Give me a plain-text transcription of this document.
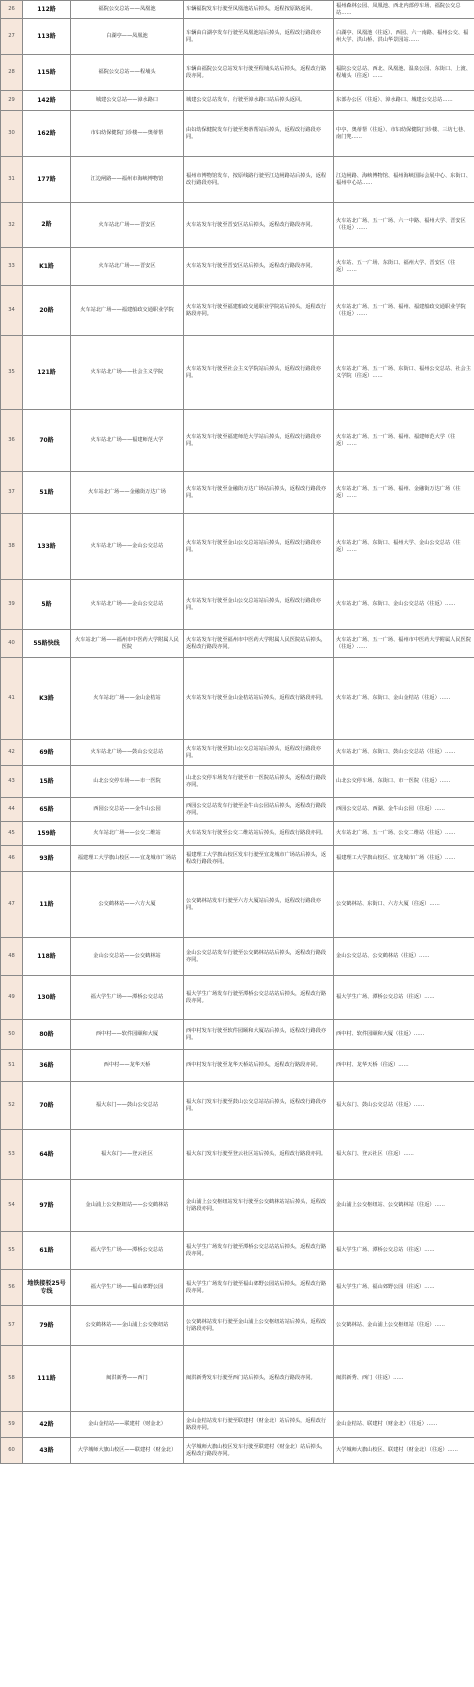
26	112路	福院公交总站——凤凰池	车辆福院发车行驶至凤凰池站后掉头，返程按原路返回。	福州森林公园、凤凰池、西北内部停车场、福院公交总站……
27	113路	白湖亭——凤凰池	车辆由白湖亭发车行驶至凤凰池站后掉头，返程改行路段亦同。	白湖亭、凤凰池（往返）、西园、六一南路、福州公交、福州大学、洪山桥、洪山华景园站……
28	115路	福院公交总站——程埔头	车辆由福院公交总站发车行驶至程埔头站后掉头，返程改行路段亦同。	福院公交总站、西北、凤凰池、温泉公园、东街口、上渡、程埔头（往返）……
29	142路	城建公交总站——漳水路口	城建公交总站发车，行驶至漳水路口站后掉头返回。	东部办公区（往返）、漳水路口、城建公交总站……
30	162路	市妇幼保健院门诊楼——奥蒂帮	由妇幼保健院发车行驶至奥蒂帮站后掉头，返程改行路段亦同。	中亭、奥蒂帮（往返）、市妇幼保健院门诊楼、三坊七巷、南门兜……
31	177路	江边闸路——福州市海峡博物馆	福州市博物馆发车，按原线路行驶至江边闸路站后掉头，返程改行路段亦同。	江边闸路、海峡博物馆、福州海峡国际会展中心、东街口、福州中心站……
32	2路	火车站北广场——晋安区	火车站发车行驶至晋安区站后掉头，返程改行路段亦同。	火车站北广场、五一广场、六一中路、福州大学、晋安区（往返）……
33	K1路	火车站北广场——晋安区	火车站发车行驶至晋安区站后掉头，返程改行路段亦同。	火车站、五一广场、东街口、福州大学、晋安区（往返）……
34	20路	火车站北广场——福建船政交通职业学院	火车站发车行驶至福建船政交通职业学院站后掉头，返程改行路段亦同。	火车站北广场、五一广场、福州、福建船政交通职业学院（往返）……
35	121路	火车站北广场——社会主义学院	火车站发车行驶至社会主义学院站后掉头，返程改行路段亦同。	火车站北广场、五一广场、东街口、福州公交总站、社会主义学院（往返）……
36	70路	火车站北广场——福建师范大学	火车站发车行驶至福建师范大学站后掉头，返程改行路段亦同。	火车站北广场、五一广场、福州、福建师范大学（往返）……
37	51路	火车站北广场——金融街万达广场	火车站发车行驶至金融街万达广场站后掉头，返程改行路段亦同。	火车站北广场、五一广场、福州、金融街万达广场（往返）……
38	133路	火车站北广场——金山公交总站	火车站发车行驶至金山公交总站站后掉头，返程改行路段亦同。	火车站北广场、东街口、福州大学、金山公交总站（往返）……
39	5路	火车站北广场——金山公交总站	火车站发车行驶至金山公交总站站后掉头，返程改行路段亦同。	火车站北广场、东街口、金山公交总站（往返）……
40	55路快线	火车站北广场——福州市中医药大学附属人民医院	火车站发车行驶至福州市中医药大学附属人民医院站后掉头，返程改行路段亦同。	火车站北广场、五一广场、福州市中医药大学附属人民医院（往返）……
41	K3路	火车站北广场——金山金桔站	火车站发车行驶至金山金桔站站后掉头，返程改行路段亦同。	火车站北广场、东街口、金山金桔站（往返）……
42	69路	火车站北广场——鼓山公交总站	火车站发车行驶至鼓山公交总站站后掉头，返程改行路段亦同。	火车站北广场、东街口、鼓山公交总站（往返）……
43	15路	山北公交停车场——市一医院	山北公交停车场发车行驶至市一医院站后掉头，返程改行路段亦同。	山北公交停车场、东街口、市一医院（往返）……
44	65路	西园公交总站——金牛山公园	西园公交总站发车行驶至金牛山公园站后掉头，返程改行路段亦同。	西园公交总站、西湖、金牛山公园（往返）……
45	159路	火车站北广场——公交二维站	火车站发车行驶至公交二维站站后掉头，返程改行路段亦同。	火车站北广场、五一广场、公交二维站（往返）……
46	93路	福建理工大学旗山校区——宜龙城市广场站	福建理工大学旗山校区发车行驶至宜龙城市广场站后掉头，返程改行路段亦同。	福建理工大学旗山校区、宜龙城市广场（往返）……
47	11路	公交鹤林站——六方大厦	公交鹤林站发车行驶至六方大厦站后掉头，返程改行路段亦同。	公交鹤林站、东街口、六方大厦（往返）……
48	118路	金山公交总站——公交鹤林站	金山公交总站发车行驶至公交鹤林站站后掉头，返程改行路段亦同。	金山公交总站、公交鹤林站（往返）……
49	130路	福大学生广场——潭桥公交总站	福大学生广场发车行驶至潭桥公交总站站后掉头，返程改行路段亦同。	福大学生广场、潭桥公交总站（往返）……
50	80路	西中村——软件园颐和大厦	西中村发车行驶至软件园颐和大厦站后掉头，返程改行路段亦同。	西中村、软件园颐和大厦（往返）……
51	36路	西中村——龙华天桥	西中村发车行驶至龙华天桥站后掉头，返程改行路段亦同。	西中村、龙华天桥（往返）……
52	70路	福大东门——鼓山公交总站	福大东门发车行驶至鼓山公交总站站后掉头，返程改行路段亦同。	福大东门、鼓山公交总站（往返）……
53	64路	福大东门——登云社区	福大东门发车行驶至登云社区站后掉头，返程改行路段亦同。	福大东门、登云社区（往返）……
54	97路	金山浦上公交枢纽站——公交鹤林站	金山浦上公交枢纽站发车行驶至公交鹤林站站后掉头，返程改行路段亦同。	金山浦上公交枢纽站、公交鹤林站（往返）……
55	61路	福大学生广场——潭桥公交总站	福大学生广场发车行驶至潭桥公交总站站后掉头，返程改行路段亦同。	福大学生广场、潭桥公交总站（往返）……
56	地铁接驳25号专线	福大学生广场——福山郊野公园	福大学生广场发车行驶至福山郊野公园站后掉头，返程改行路段亦同。	福大学生广场、福山郊野公园（往返）……
57	79路	公交鹤林站——金山浦上公交枢纽站	公交鹤林站发车行驶至金山浦上公交枢纽站站后掉头，返程改行路段亦同。	公交鹤林站、金山浦上公交枢纽站（往返）……
58	111路	闽洪新秀——西门	闽洪新秀发车行驶至西门站后掉头，返程改行路段亦同。	闽洪新秀、西门（往返）……
59	42路	金山金桔站——联建村（财金北）	金山金桔站发车行驶至联建村（财金北）站后掉头，返程改行路段亦同。	金山金桔站、联建村（财金北）（往返）……
60	43路	大学城师大旗山校区——联建村（财金北）	大学城师大旗山校区发车行驶至联建村（财金北）站后掉头，返程改行路段亦同。	大学城师大旗山校区、联建村（财金北）（往返）……
